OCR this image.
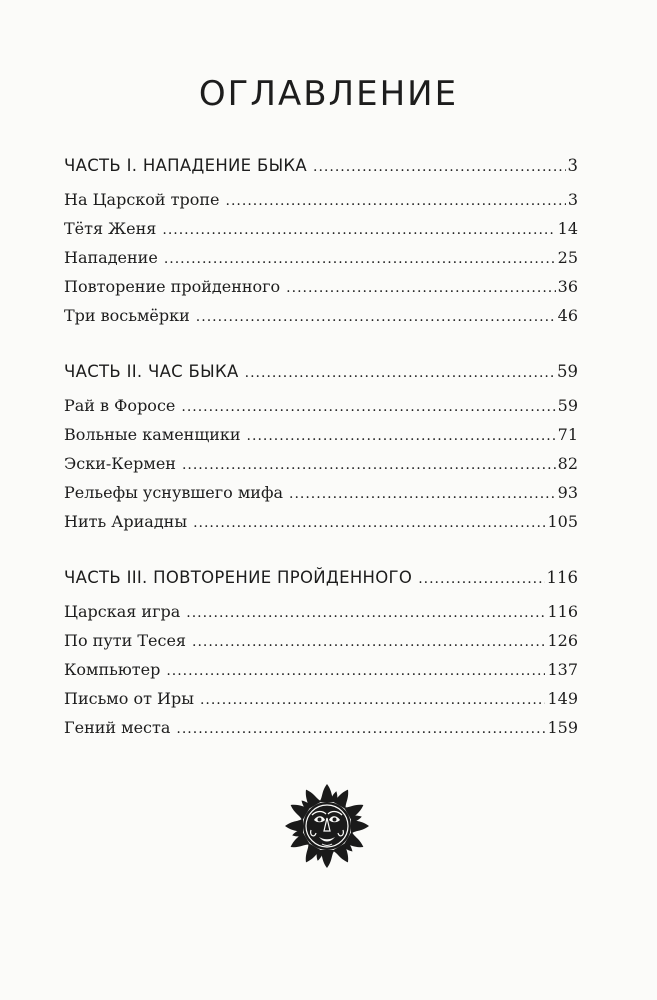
ОГЛАВЛЕНИЕ
ЧАСТЬ I. НАПАДЕНИЕ БЫКА .....	3
На Царской тропе .....	3
Тётя Женя .....	14
Нападение .....	25
Повторение пройденного .....	36
Три восьмёрки .....	46
ЧАСТЬ II. ЧАС БЫКА .....	59
Рай в Форосе .....	59
Вольные каменщики .....	71
Эски-Кермен .....	82
Рельефы уснувшего мифа .....	93
Нить Ариадны .....	105
ЧАСТЬ III. ПОВТОРЕНИЕ ПРОЙДЕННОГО .....	116
Царская игра .....	116
По пути Тесея .....	126
Компьютер .....	137
Письмо от Иры .....	149
Гений места .....	159
